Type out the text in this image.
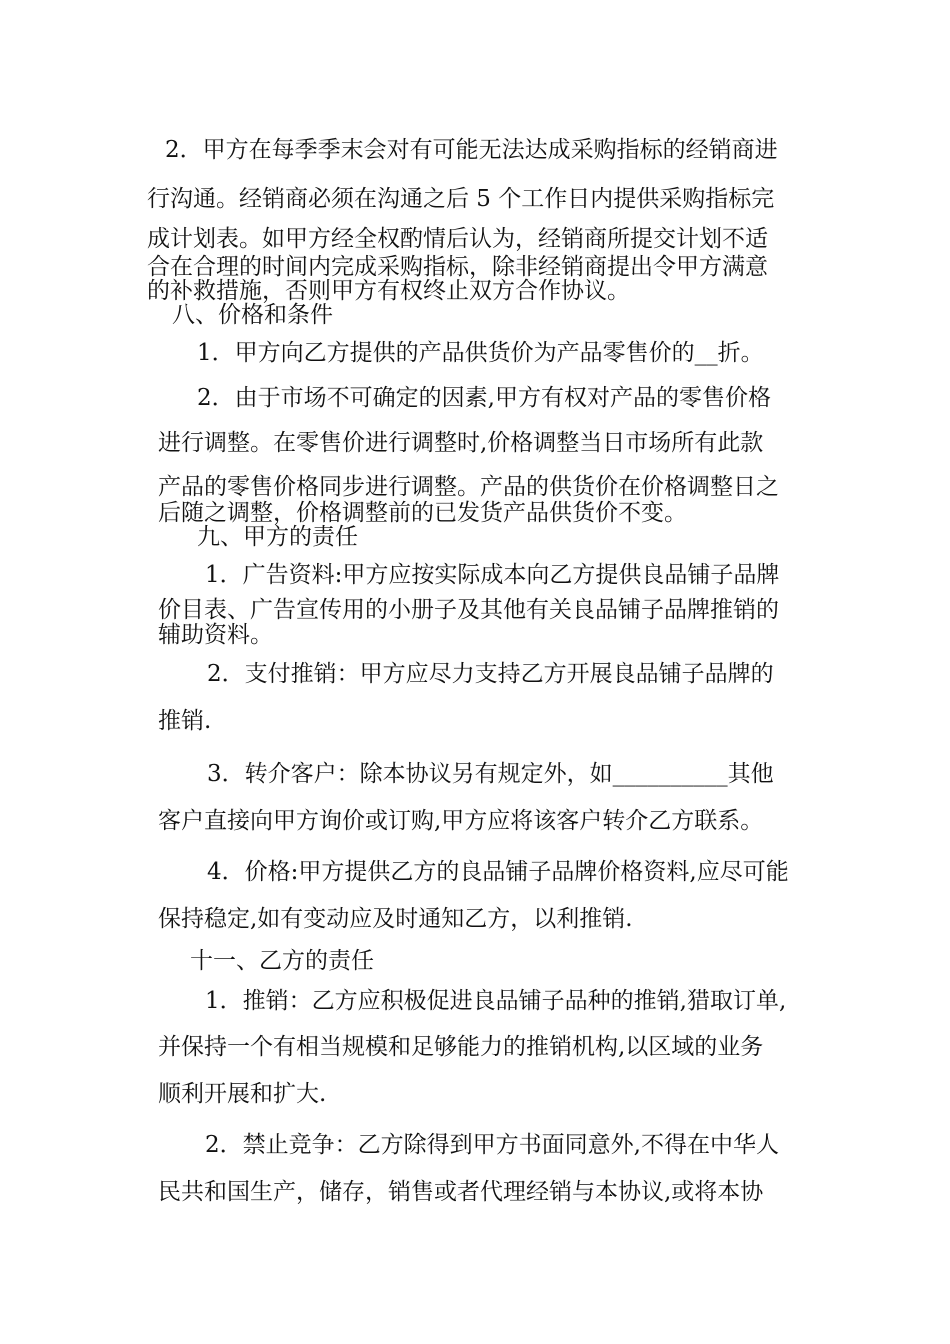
2．甲方在每季季末会对有可能无法达成采购指标的经销商进
行沟通。经销商必须在沟通之后 5 个工作日内提供采购指标完
成计划表。如甲方经全权酌情后认为，经销商所提交计划不适
合在合理的时间内完成采购指标，除非经销商提出令甲方满意
的补救措施，否则甲方有权终止双方合作协议。
八、价格和条件
1．甲方向乙方提供的产品供货价为产品零售价的__折。
2．由于市场不可确定的因素,甲方有权对产品的零售价格
进行调整。在零售价进行调整时,价格调整当日市场所有此款
产品的零售价格同步进行调整。产品的供货价在价格调整日之
后随之调整，价格调整前的已发货产品供货价不变。
九、甲方的责任
1．广告资料:甲方应按实际成本向乙方提供良品铺子品牌
价目表、广告宣传用的小册子及其他有关良品铺子品牌推销的
辅助资料。
2．支付推销：甲方应尽力支持乙方开展良品铺子品牌的
推销.
3．转介客户：除本协议另有规定外，如__________其他
客户直接向甲方询价或订购,甲方应将该客户转介乙方联系。
4．价格:甲方提供乙方的良品铺子品牌价格资料,应尽可能
保持稳定,如有变动应及时通知乙方，以利推销.
十一、乙方的责任
1．推销：乙方应积极促进良品铺子品种的推销,猎取订单,
并保持一个有相当规模和足够能力的推销机构,以区域的业务
顺利开展和扩大.
2．禁止竞争：乙方除得到甲方书面同意外,不得在中华人
民共和国生产，储存，销售或者代理经销与本协议,或将本协
